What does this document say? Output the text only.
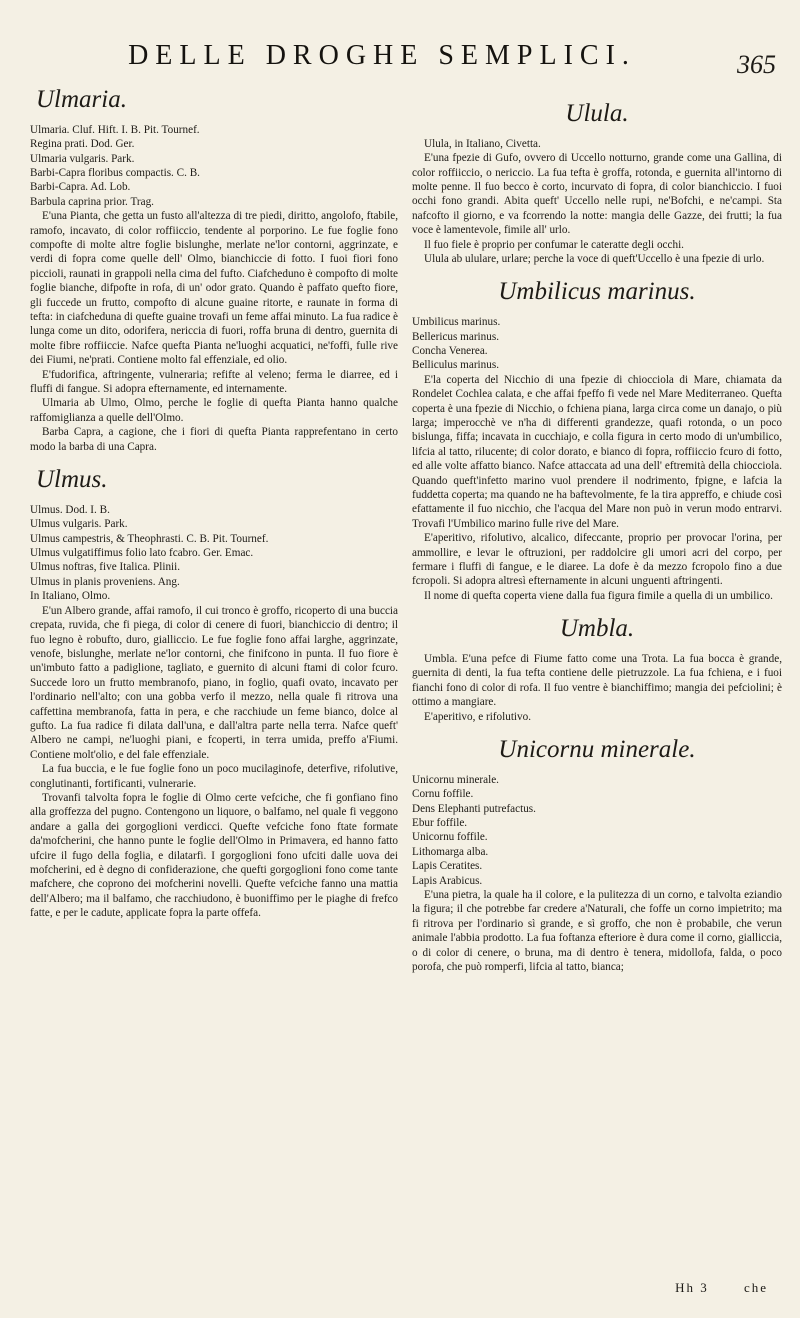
DELLE DROGHE SEMPLICI.	365
Ulmaria.
Ulmaria. Cluf. Hift. I. B. Pit. Tournef.
Regina prati. Dod. Ger.
Ulmaria vulgaris. Park.
Barbi-Capra floribus compactis. C. B.
Barbi-Capra. Ad. Lob.
Barbula caprina prior. Trag.

E'una Pianta, che getta un fusto all'altezza di tre piedi, diritto, angolofo, ftabile, ramofo, incavato, di color roffiiccio, tendente al porporino. Le fue foglie fono compofte di molte altre foglie bislunghe, merlate ne'lor contorni, aggrinzate, e verdi di fopra come quelle dell' Olmo, bianchiccie di fotto. I fuoi fiori fono piccioli, raunati in grappoli nella cima del fufto. Ciafcheduno è compofto di molte foglie bianche, difpofte in rofa, di un' odor grato. Quando è paffato quefto fiore, gli fuccede un frutto, compofto di alcune guaine ritorte, e raunate in forma di tefta: in ciafcheduna di quefte guaine trovafi un feme affai minuto. La fua radice è lunga come un dito, odorifera, nericcia di fuori, roffa bruna di dentro, guernita di molte fibre roffiiccie. Nafce quefta Pianta ne'luoghi acquatici, ne'foffi, fulle rive dei Fiumi, ne'prati. Contiene molto fal effenziale, ed olio.

E'fudorifica, aftringente, vulneraria; refifte al veleno; ferma le diarree, ed i fluffi di fangue. Si adopra efternamente, ed internamente.

Ulmaria ab Ulmo, Olmo, perche le foglie di quefta Pianta hanno qualche raffomiglianza a quelle dell'Olmo.

Barba Capra, a cagione, che i fiori di quefta Pianta rapprefentano in certo modo la barba di una Capra.

Ulmus.
Ulmus. Dod. I. B.
Ulmus vulgaris. Park.
Ulmus campestris, & Theophrasti. C. B. Pit. Tournef.
Ulmus vulgatiffimus folio lato fcabro. Ger. Emac.
Ulmus noftras, five Italica. Plinii.
Ulmus in planis proveniens. Ang.
In Italiano, Olmo.

E'un Albero grande, affai ramofo, il cui tronco è groffo, ricoperto di una buccia crepata, ruvida, che fi piega, di color di cenere di fuori, bianchiccio di dentro; il fuo legno è robufto, duro, gialliccio. Le fue foglie fono affai larghe, aggrinzate, venofe, bislunghe, merlate ne'lor contorni, che finifcono in punta. Il fuo fiore è un'imbuto fatto a padiglione, tagliato, e guernito di alcuni ftami di color fcuro. Succede loro un frutto membranofo, piano, in foglio, quafi ovato, incavato per l'ordinario nell'alto; con una gobba verfo il mezzo, nella quale fi ritrova una caffettina membranofa, fatta in pera, e che racchiude un feme bianco, dolce al gufto. La fua radice fi dilata dall'una, e dall'altra parte nella terra. Nafce queft' Albero ne campi, ne'luoghi piani, e fcoperti, in terra umida, preffo a'Fiumi. Contiene molt'olio, e del fale effenziale.

La fua buccia, e le fue foglie fono un poco mucilaginofe, deterfive, rifolutive, conglutinanti, fortificanti, vulnerarie.

Trovanfi talvolta fopra le foglie di Olmo certe vefciche, che fi gonfiano fino alla groffezza del pugno. Contengono un liquore, o balfamo, nel quale fi veggono andare a galla dei gorgoglioni verdicci. Quefte vefciche fono ftate formate da'mofcherini, che hanno punte le foglie dell'Olmo in Primavera, ed hanno fatto ufcire il fugo della foglia, e dilatarfi. I gorgoglioni fono ufciti dalle uova dei mofcherini, ed è degno di confiderazione, che quefti gorgoglioni fono come tante mafchere, che coprono dei mofcherini novelli. Quefte vefciche fanno una mattia dell'Albero; ma il balfamo, che racchiudono, è buoniffimo per le piaghe di frefco fatte, e per le cadute, applicate fopra la parte offefa.

Ulula.

Ulula, in Italiano, Civetta.

E'una fpezie di Gufo, ovvero di Uccello notturno, grande come una Gallina, di color roffiiccio, o nericcio. La fua tefta è groffa, rotonda, e guernita all'intorno di molte penne. Il fuo becco è corto, incurvato di fopra, di color bianchiccio. I fuoi occhi fono grandi. Abita queft' Uccello nelle rupi, ne'Bofchi, e ne'campi. Sta nafcofto il giorno, e va fcorrendo la notte: mangia delle Gazze, dei frutti; la fua voce è lamentevole, fimile all' urlo.

Il fuo fiele è proprio per confumar le cateratte degli occhi.

Ulula ab ululare, urlare; perche la voce di queft'Uccello è una fpezie di urlo.

Umbilicus marinus.
Umbilicus marinus.
Bellericus marinus.
Concha Venerea.
Belliculus marinus.

E'la coperta del Nicchio di una fpezie di chiocciola di Mare, chiamata da Rondelet Cochlea calata, e che affai fpeffo fi vede nel Mare Mediterraneo. Quefta coperta è una fpezie di Nicchio, o fchiena piana, larga circa come un danajo, o più larga; imperocchè ve n'ha di differenti grandezze, quafi rotonda, o un poco bislunga, fiffa; incavata in cucchiajo, e colla figura in certo modo di un'umbilico, lifcia al tatto, rilucente; di color dorato, e bianco di fopra, roffiiccio fcuro di fotto, ed alle volte affatto bianco. Nafce attaccata ad una dell' eftremità della chiocciola. Quando queft'infetto marino vuol prendere il nodrimento, fpigne, e lafcia la fuddetta coperta; ma quando ne ha baftevolmente, fe la tira appreffo, e chiude così efattamente il fuo nicchio, che l'acqua del Mare non può in verun modo entrarvi. Trovafi l'Umbilico marino fulle rive del Mare.

E'aperitivo, rifolutivo, alcalico, difeccante, proprio per provocar l'orina, per ammollire, e levar le oftruzioni, per raddolcire gli umori acri del corpo, per fermare i fluffi di fangue, e le diaree. La dofe è da mezzo fcropolo fino a due fcropoli. Si adopra altresì efternamente in alcuni unguenti aftringenti.

Il nome di quefta coperta viene dalla fua figura fimile a quella di un umbilico.

Umbla.

Umbla. E'una pefce di Fiume fatto come una Trota. La fua bocca è grande, guernita di denti, la fua tefta contiene delle pietruzzole. La fua fchiena, e i fuoi fianchi fono di color di rofa. Il fuo ventre è bianchiffimo; mangia dei pefciolini; è ottimo a mangiare.

E'aperitivo, e rifolutivo.

Unicornu minerale.
Unicornu minerale.
Cornu foffile.
Dens Elephanti putrefactus.
Ebur foffile.
Unicornu foffile.
Lithomarga alba.
Lapis Ceratites.
Lapis Arabicus.

E'una pietra, la quale ha il colore, e la pulitezza di un corno, e talvolta eziandio la figura; il che potrebbe far credere a'Naturali, che foffe un corno impietrito; ma fi ritrova per l'ordinario sì grande, e sì groffo, che non è probabile, che verun animale l'abbia prodotto. La fua foftanza efteriore è dura come il corno, gialliccia, o di color di cenere, o bruna, ma di dentro è tenera, midollofa, falda, o poco porofa, che può romperfi, lifcia al tatto, bianca;

Hh 3	che
